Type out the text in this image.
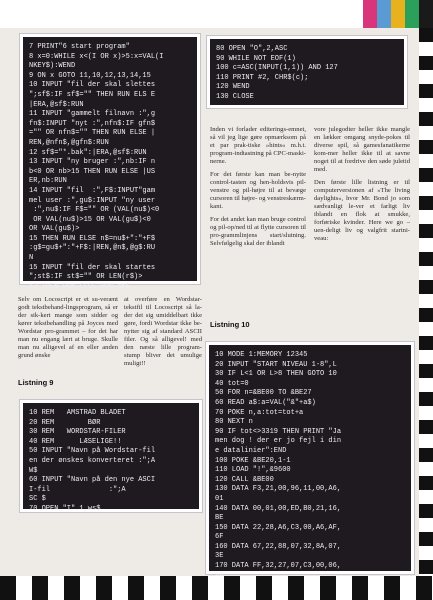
7 PRINT"6 start program"
8 x=0:WHILE x<(I OR x)>5:x=VAL(I
NKEY$):WEND
9 ON x GOTO 11,10,12,13,14,15
10 INPUT "fil der skal slettes
";sf$:IF sf$="" THEN RUN ELS E
|ERA,@sf$:RUN
11 INPUT "gammelt filnavn :",g
fn$:INPUT "nyt :",nfn$:IF gfn$
="" OR nfn$="" THEN RUN ELSE |
REN,@nfn$,@gfn$:RUN
12 sf$="*.bak":|ERA,@sf$:RUN
13 INPUT "ny bruger :",nb:IF n
b<0 OR nb>15 THEN RUN ELSE |US
ER,nb:RUN
14 INPUT "fil  :",F$:INPUT"gam
mel user :",gu$:INPUT "ny user
:",nu$:IF F$="" OR (VAL(nu$)<0
OR VAL(nu$)>15 OR VAL(gu$)<0
OR VAL(gu$)>
15 THEN RUN ELSE n$=nu$+":"+F$
:g$=gu$+":"+F$:|REN,@n$,@g$:RU
N
15 INPUT "fil der skal startes
";st$:IF st$="" OR LEN(r$)>
12 THEN RUN ELSE RUN st$
80 OPEN "O",2,ASC
90 WHILE NOT EOF(1)
100 c=ASC(INPUT(1,1)) AND 127
110 PRINT #2, CHR$(c);
120 WEND
130 CLOSE

Inden vi forlader editerings-emnet, så vil jeg lige gøre opmærksom på et par prak-tiske »hints« m.h.t. program-indtastning på CPC-maski-nerne.

For det første kan man be-nytte control-tasten og hen-holdsvis pil-venstre og pil-højre til at bevæge cursoren til højre- og venstreskærm-kant.

For det andet kan man bruge control og pil-op/ned til at flytte cursoren til pro-grammlinjens start/slutning. Selvfølgelig skal der iblandt

vore julegodter heller ikke mangle en lækker omgang snyde-pokes til diverse spil, så gamesfanatikerne kom-mer heller ikke til at savne noget til at fordrive den søde juletid med.

Den første lille listning er til computerversionen af »The living daylights«, hvor Mr. Bond jo som sædvanligt le-ver et farligt liv iblandt en flok at smukke, forføriske kvinder. Here we go – uen-deligt liv og valgfrit startni-veau:

Selv om Locoscript er et su-verænt godt tekstbehand-lingsprogram, så er der sik-kert mange som sidder og kører tekstbehandling på Joyces med Wordstar pro-grammet – for det har man nu engang lært at bruge. Skulle man nu alligevel af en eller anden grund ønske

at overføre en Wordstar-tekstfil til Locoscript så la-der det sig umiddelbart ikke gøre, fordi Wordstar ikke be-nytter sig af standard ASCII filer. Og så alligevel! med den næste lille program-stump bliver det umulige muligt!!

Listning 10
Listning 9
10 REM   AMSTRAD BLADET
20 REM        BØR
30 REM   WORDSTAR-FILER
40 REM      LÆSELIGE!!
50 INPUT "Navn på Wordstar-fil
en der ønskes konverteret :";A
W$
60 INPUT "Navn på den nye ASCI
I-fil              :";A
SC $
70 OPEN "I",1,ws$
10 MODE 1:MEMORY 12345
20 INPUT "START NIVEAU 1-8",L
30 IF L<1 OR L>8 THEN GOTO 10
40 tot=0
50 FOR n=&BE00 TO &BE27
60 READ a$:a=VAL("&"+a$)
70 POKE n,a:tot=tot+a
80 NEXT n
90 IF tot<>3319 THEN PRINT "Ja
men dog ! der er jo fejl i din
e datalinier":END
100 POKE &BE20,1-1
110 LOAD "!",&9600
120 CALL &BE00
130 DATA F3,21,00,96,11,00,A6,
01
140 DATA 00,01,00,ED,B0,21,16,
BE
150 DATA 22,28,A6,C3,00,A6,AF,
6F
160 DATA 67,22,88,07,32,8A,07,
3E
170 DATA FF,32,27,07,C3,00,06,
